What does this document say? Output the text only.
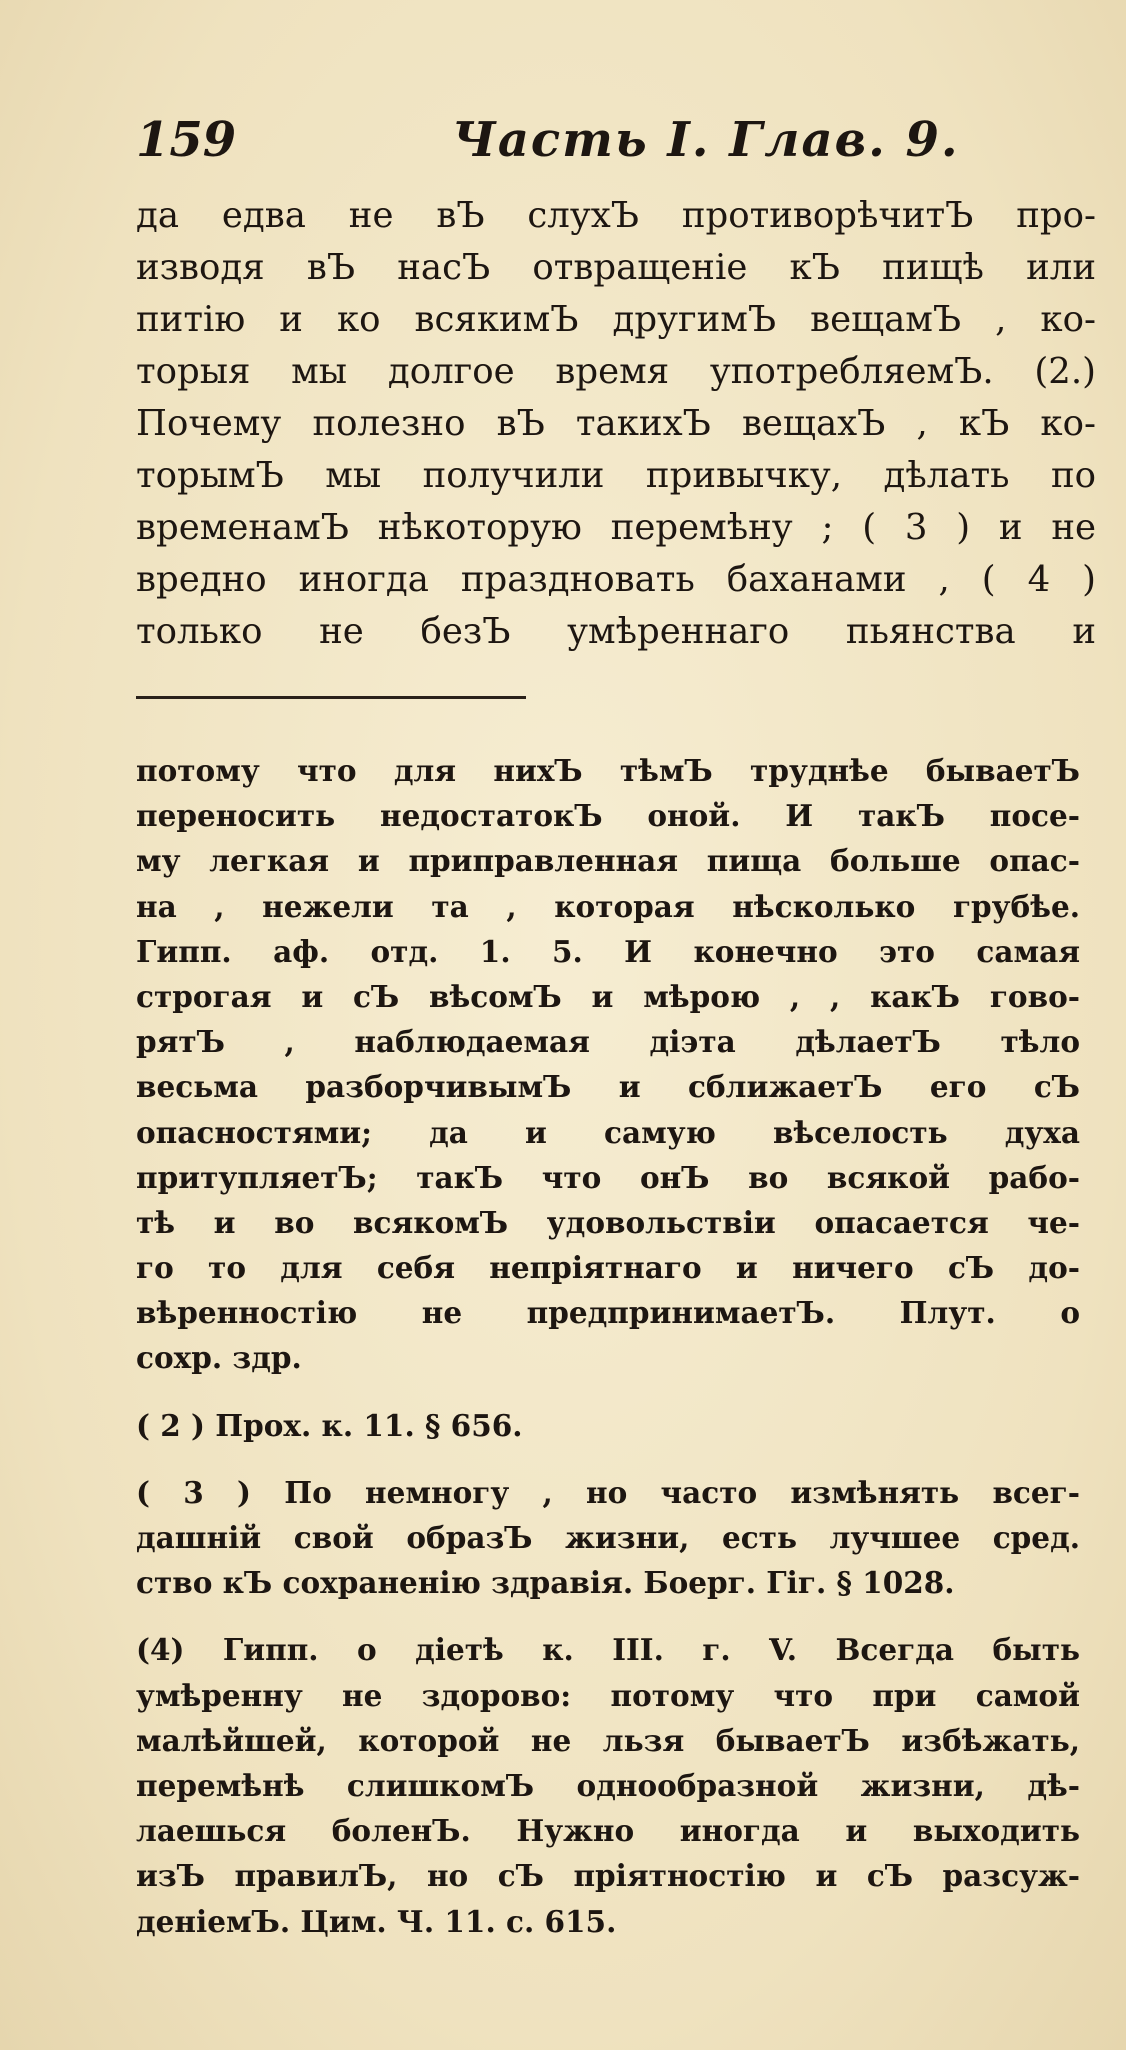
159	Часть I. Глав. 9.
да едва не вЪ слухЪ противорѣчитЪ про-
изводя вЪ насЪ отвращеніе кЪ пищѣ или
питію и ко всякимЪ другимЪ вещамЪ , ко-
торыя мы долгое время употребляемЪ. (2.)
Почему полезно вЪ такихЪ вещахЪ , кЪ ко-
торымЪ мы получили привычку, дѣлать по
временамЪ нѣкоторую перемѣну ; ( 3 ) и не
вредно иногда праздновать баханами , ( 4 )
только не безЪ умѣреннаго пьянства и
потому что для нихЪ тѣмЪ труднѣе бываетЪ
переносить недостатокЪ оной. И такЪ посе-
му легкая и приправленная пища больше опас-
на , нежели та , которая нѣсколько грубѣе.
Гипп. аф. отд. 1. 5. И конечно это самая
строгая и сЪ вѣсомЪ и мѣрою , , какЪ гово-
рятЪ , наблюдаемая діэта дѣлаетЪ тѣло
весьма разборчивымЪ и сближаетЪ его сЪ
опасностями; да и самую вѣселость духа
притупляетЪ; такЪ что онЪ во всякой рабо-
тѣ и во всякомЪ удовольствіи опасается че-
го то для себя непріятнаго и ничего сЪ до-
вѣренностію не предпринимаетЪ. Плут. о
сохр. здр.
( 2 ) Прох. к. 11. § 656.
( 3 ) По немногу , но часто измѣнять всег-
дашній свой образЪ жизни, есть лучшее сред.
ство кЪ сохраненію здравія. Боерг. Гіг. § 1028.
(4) Гипп. о діетѣ к. III. г. V. Всегда быть
умѣренну не здорово: потому что при самой
малѣйшей, которой не льзя бываетЪ избѣжать,
перемѣнѣ слишкомЪ однообразной жизни, дѣ-
лаешься боленЪ. Нужно иногда и выходить
изЪ правилЪ, но сЪ пріятностію и сЪ разсуж-
деніемЪ. Цим. Ч. 11. с. 615.
